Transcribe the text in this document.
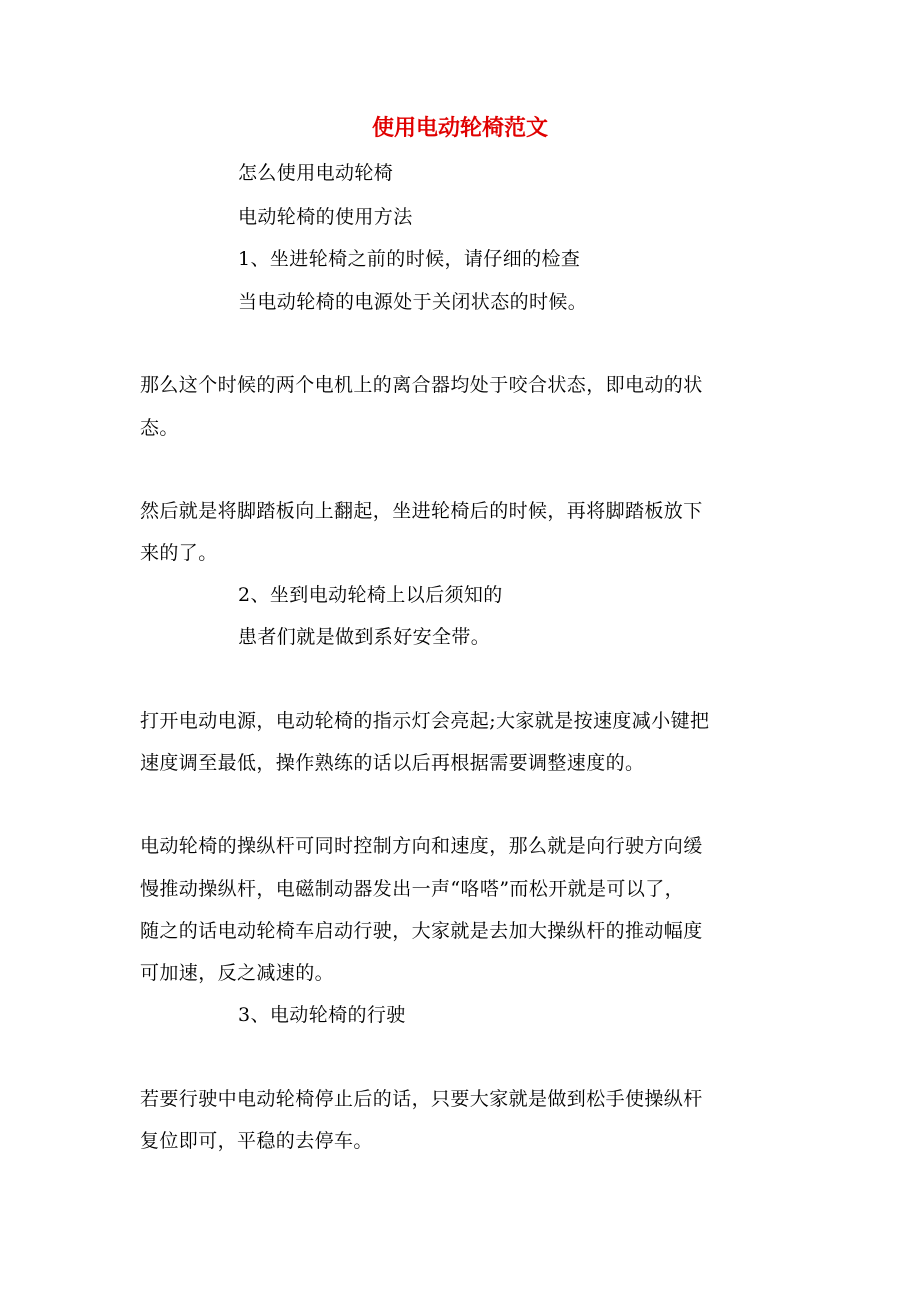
使用电动轮椅范文
怎么使用电动轮椅
电动轮椅的使用方法
1、坐进轮椅之前的时候，请仔细的检查
当电动轮椅的电源处于关闭状态的时候。
那么这个时候的两个电机上的离合器均处于咬合状态，即电动的状
态。
然后就是将脚踏板向上翻起，坐进轮椅后的时候，再将脚踏板放下
来的了。
2、坐到电动轮椅上以后须知的
患者们就是做到系好安全带。
打开电动电源，电动轮椅的指示灯会亮起;大家就是按速度减小键把
速度调至最低，操作熟练的话以后再根据需要调整速度的。
电动轮椅的操纵杆可同时控制方向和速度，那么就是向行驶方向缓
慢推动操纵杆，电磁制动器发出一声“咯嗒”而松开就是可以了，
随之的话电动轮椅车启动行驶，大家就是去加大操纵杆的推动幅度
可加速，反之减速的。
3、电动轮椅的行驶
若要行驶中电动轮椅停止后的话，只要大家就是做到松手使操纵杆
复位即可，平稳的去停车。
